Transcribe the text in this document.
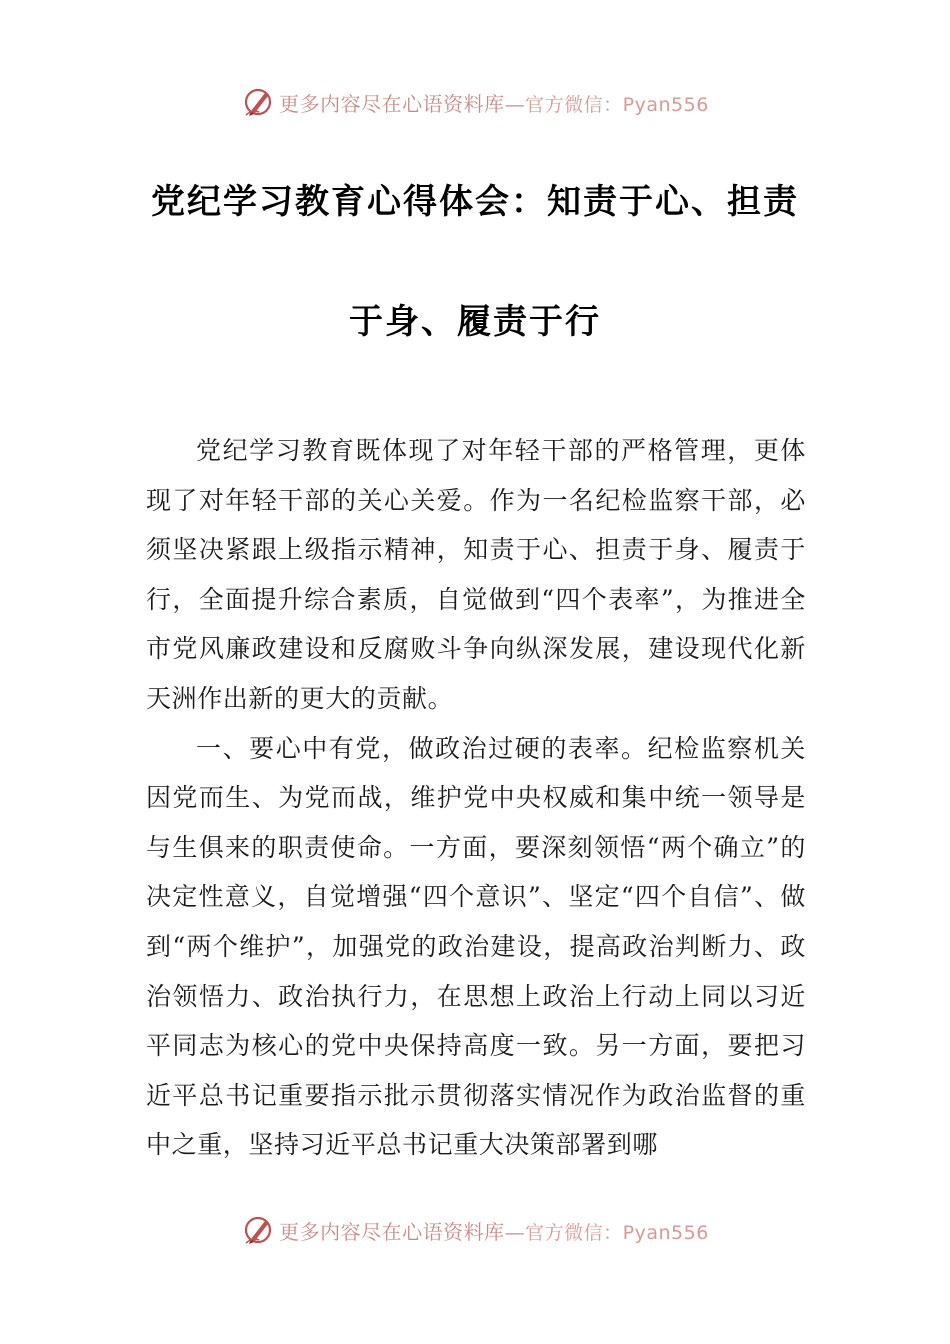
更多内容尽在心语资料库—官方微信：Pyan556
党纪学习教育心得体会：知责于心、担责
于身、履责于行

党纪学习教育既体现了对年轻干部的严格管理，更体现了对年轻干部的关心关爱。作为一名纪检监察干部，必须坚决紧跟上级指示精神，知责于心、担责于身、履责于行，全面提升综合素质，自觉做到“四个表率”，为推进全市党风廉政建设和反腐败斗争向纵深发展，建设现代化新天洲作出新的更大的贡献。

一、要心中有党，做政治过硬的表率。纪检监察机关因党而生、为党而战，维护党中央权威和集中统一领导是与生俱来的职责使命。一方面，要深刻领悟“两个确立”的决定性意义，自觉增强“四个意识”、坚定“四个自信”、做到“两个维护”，加强党的政治建设，提高政治判断力、政治领悟力、政治执行力，在思想上政治上行动上同以习近平同志为核心的党中央保持高度一致。另一方面，要把习近平总书记重要指示批示贯彻落实情况作为政治监督的重中之重，坚持习近平总书记重大决策部署到哪

更多内容尽在心语资料库—官方微信：Pyan556
